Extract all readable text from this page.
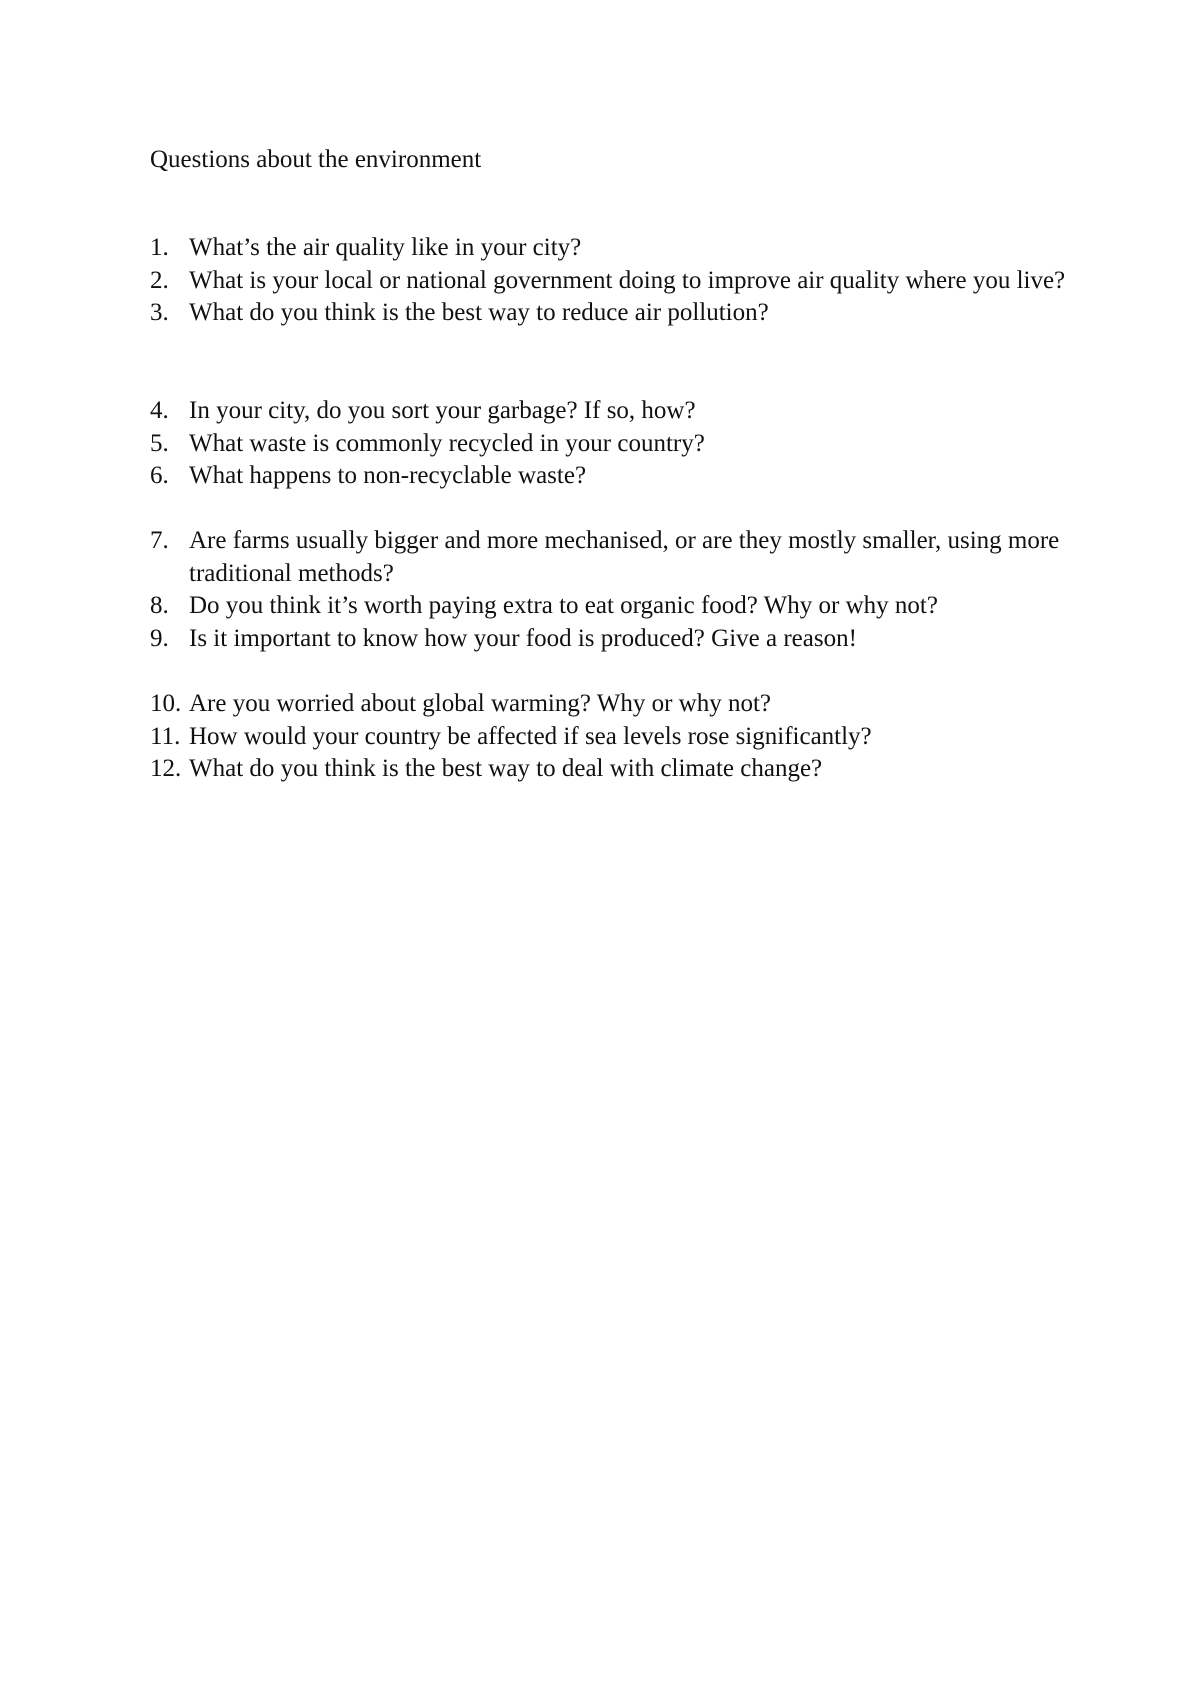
Questions about the environment
1. What’s the air quality like in your city?
2. What is your local or national government doing to improve air quality where you live?
3. What do you think is the best way to reduce air pollution?
4. In your city, do you sort your garbage? If so, how?
5. What waste is commonly recycled in your country?
6. What happens to non-recyclable waste?
7. Are farms usually bigger and more mechanised, or are they mostly smaller, using more traditional methods?
8. Do you think it’s worth paying extra to eat organic food? Why or why not?
9. Is it important to know how your food is produced? Give a reason!
10. Are you worried about global warming? Why or why not?
11. How would your country be affected if sea levels rose significantly?
12. What do you think is the best way to deal with climate change?
